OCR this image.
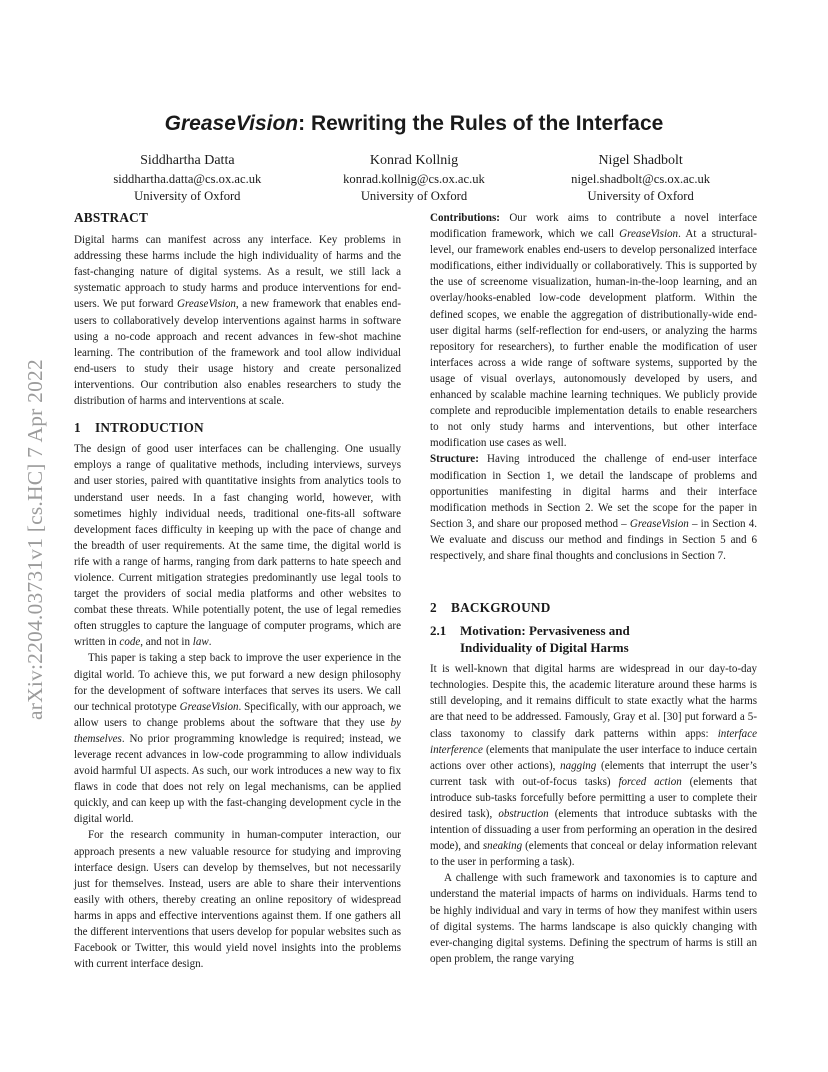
arXiv:2204.03731v1 [cs.HC] 7 Apr 2022
GreaseVision: Rewriting the Rules of the Interface
Siddhartha Datta
siddhartha.datta@cs.ox.ac.uk
University of Oxford
Konrad Kollnig
konrad.kollnig@cs.ox.ac.uk
University of Oxford
Nigel Shadbolt
nigel.shadbolt@cs.ox.ac.uk
University of Oxford
ABSTRACT

Digital harms can manifest across any interface. Key problems in addressing these harms include the high individuality of harms and the fast-changing nature of digital systems. As a result, we still lack a systematic approach to study harms and produce interventions for end-users. We put forward GreaseVision, a new framework that enables end-users to collaboratively develop interventions against harms in software using a no-code approach and recent advances in few-shot machine learning. The contribution of the framework and tool allow individual end-users to study their usage history and create personalized interventions. Our contribution also enables researchers to study the distribution of harms and interventions at scale.

1 INTRODUCTION

The design of good user interfaces can be challenging. One usually employs a range of qualitative methods, including interviews, surveys and user stories, paired with quantitative insights from analytics tools to understand user needs. In a fast changing world, however, with sometimes highly individual needs, traditional one-fits-all software development faces difficulty in keeping up with the pace of change and the breadth of user requirements. At the same time, the digital world is rife with a range of harms, ranging from dark patterns to hate speech and violence. Current mitigation strategies predominantly use legal tools to target the providers of social media platforms and other websites to combat these threats. While potentially potent, the use of legal remedies often struggles to capture the language of computer programs, which are written in code, and not in law.

This paper is taking a step back to improve the user experience in the digital world. To achieve this, we put forward a new design philosophy for the development of software interfaces that serves its users. We call our technical prototype GreaseVision. Specifically, with our approach, we allow users to change problems about the software that they use by themselves. No prior programming knowledge is required; instead, we leverage recent advances in low-code programming to allow individuals avoid harmful UI aspects. As such, our work introduces a new way to fix flaws in code that does not rely on legal mechanisms, can be applied quickly, and can keep up with the fast-changing development cycle in the digital world.

For the research community in human-computer interaction, our approach presents a new valuable resource for studying and improving interface design. Users can develop by themselves, but not necessarily just for themselves. Instead, users are able to share their interventions easily with others, thereby creating an online repository of widespread harms in apps and effective interventions against them. If one gathers all the different interventions that users develop for popular websites such as Facebook or Twitter, this would yield novel insights into the problems with current interface design.

Contributions: Our work aims to contribute a novel interface modification framework, which we call GreaseVision. At a structural-level, our framework enables end-users to develop personalized interface modifications, either individually or collaboratively. This is supported by the use of screenome visualization, human-in-the-loop learning, and an overlay/hooks-enabled low-code development platform. Within the defined scopes, we enable the aggregation of distributionally-wide end-user digital harms (self-reflection for end-users, or analyzing the harms repository for researchers), to further enable the modification of user interfaces across a wide range of software systems, supported by the usage of visual overlays, autonomously developed by users, and enhanced by scalable machine learning techniques. We publicly provide complete and reproducible implementation details to enable researchers to not only study harms and interventions, but other interface modification use cases as well.

Structure: Having introduced the challenge of end-user interface modification in Section 1, we detail the landscape of problems and opportunities manifesting in digital harms and their interface modification methods in Section 2. We set the scope for the paper in Section 3, and share our proposed method – GreaseVision – in Section 4. We evaluate and discuss our method and findings in Section 5 and 6 respectively, and share final thoughts and conclusions in Section 7.

2 BACKGROUND
2.1	Motivation: Pervasiveness and
Individuality of Digital Harms

It is well-known that digital harms are widespread in our day-to-day technologies. Despite this, the academic literature around these harms is still developing, and it remains difficult to state exactly what the harms are that need to be addressed. Famously, Gray et al. [30] put forward a 5-class taxonomy to classify dark patterns within apps: interface interference (elements that manipulate the user interface to induce certain actions over other actions), nagging (elements that interrupt the user’s current task with out-of-focus tasks) forced action (elements that introduce sub-tasks forcefully before permitting a user to complete their desired task), obstruction (elements that introduce subtasks with the intention of dissuading a user from performing an operation in the desired mode), and sneaking (elements that conceal or delay information relevant to the user in performing a task).

A challenge with such framework and taxonomies is to capture and understand the material impacts of harms on individuals. Harms tend to be highly individual and vary in terms of how they manifest within users of digital systems. The harms landscape is also quickly changing with ever-changing digital systems. Defining the spectrum of harms is still an open problem, the range varying
